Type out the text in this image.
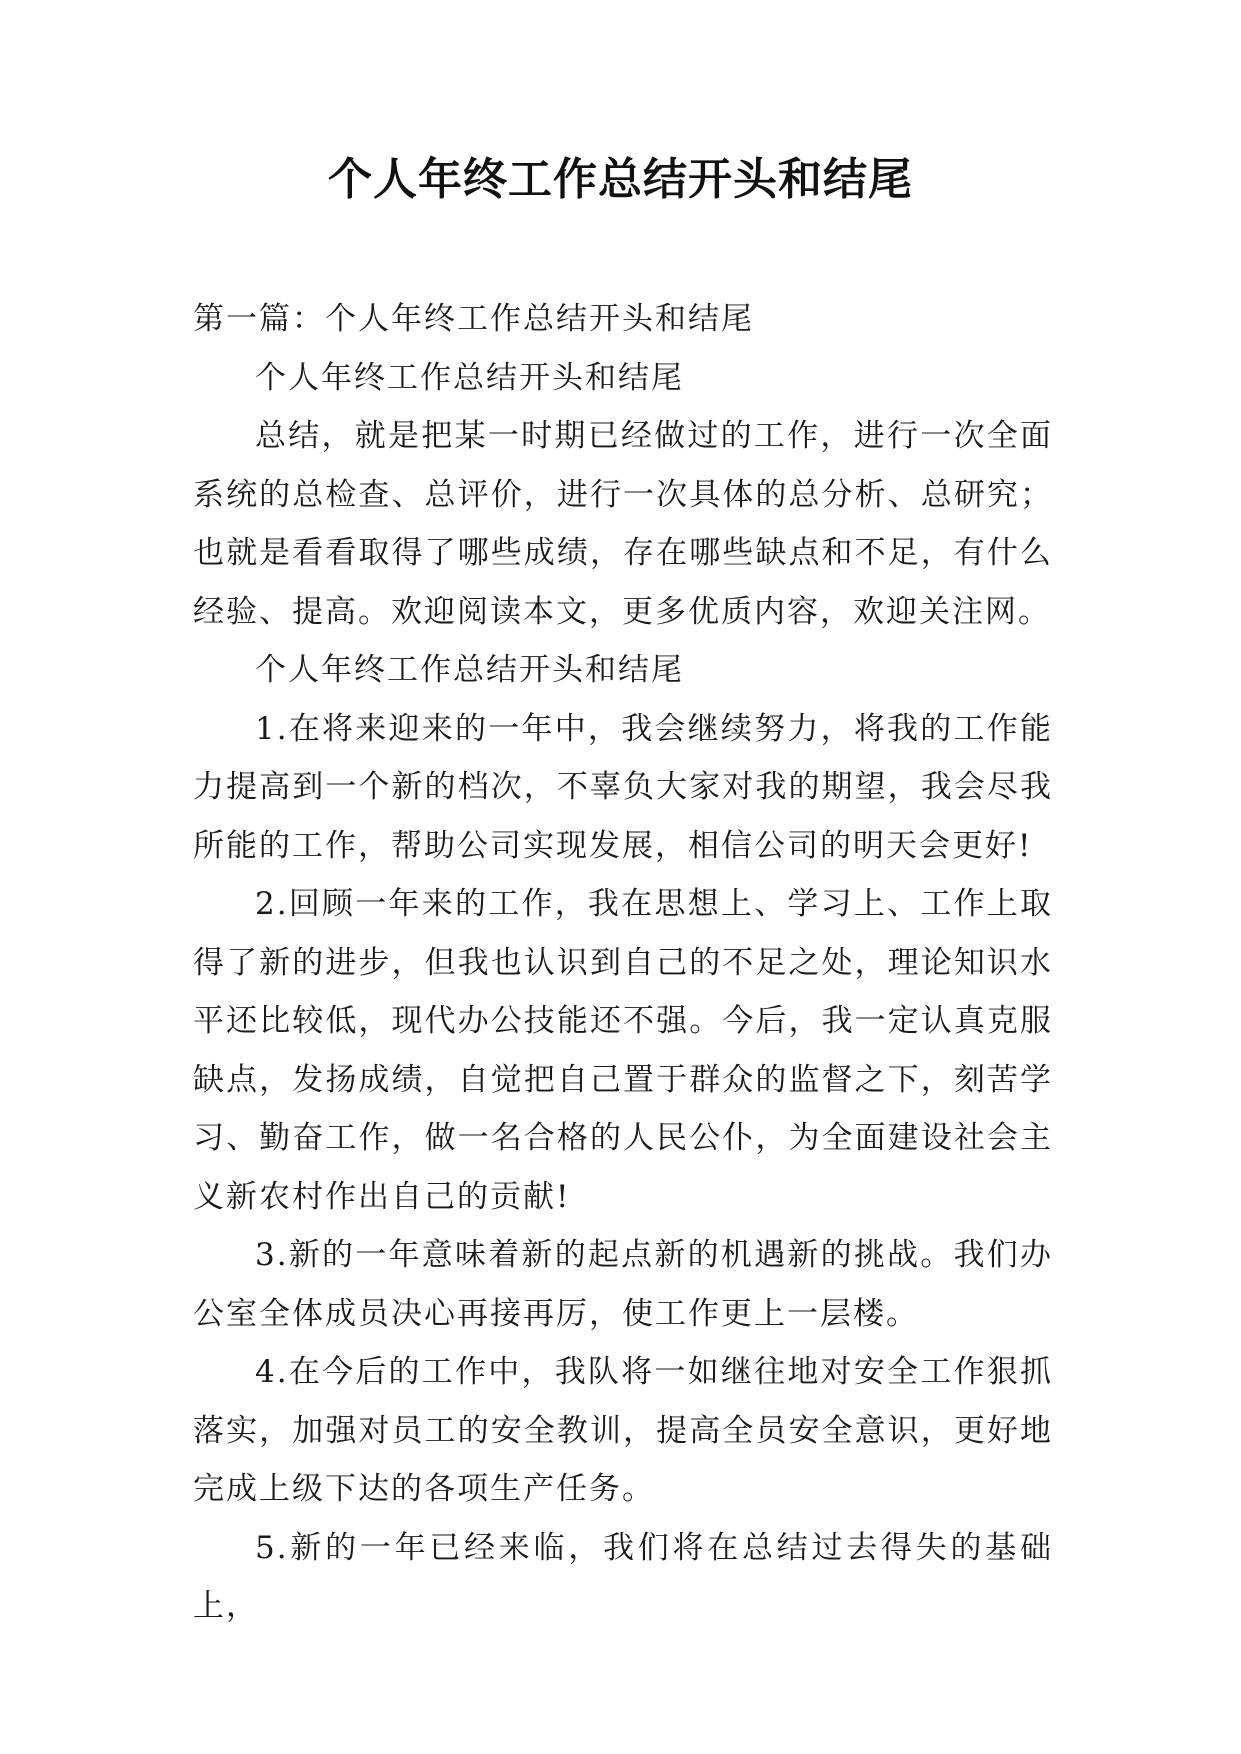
个人年终工作总结开头和结尾

第一篇：个人年终工作总结开头和结尾

个人年终工作总结开头和结尾

总结，就是把某一时期已经做过的工作，进行一次全面系统的总检查、总评价，进行一次具体的总分析、总研究；也就是看看取得了哪些成绩，存在哪些缺点和不足，有什么经验、提高。欢迎阅读本文，更多优质内容，欢迎关注网。

个人年终工作总结开头和结尾

1.在将来迎来的一年中，我会继续努力，将我的工作能力提高到一个新的档次，不辜负大家对我的期望，我会尽我所能的工作，帮助公司实现发展，相信公司的明天会更好!

2.回顾一年来的工作，我在思想上、学习上、工作上取得了新的进步，但我也认识到自己的不足之处，理论知识水平还比较低，现代办公技能还不强。今后，我一定认真克服缺点，发扬成绩，自觉把自己置于群众的监督之下，刻苦学习、勤奋工作，做一名合格的人民公仆，为全面建设社会主义新农村作出自己的贡献!

3.新的一年意味着新的起点新的机遇新的挑战。我们办公室全体成员决心再接再厉，使工作更上一层楼。

4.在今后的工作中，我队将一如继往地对安全工作狠抓落实，加强对员工的安全教训，提高全员安全意识，更好地完成上级下达的各项生产任务。

5.新的一年已经来临，我们将在总结过去得失的基础上，
